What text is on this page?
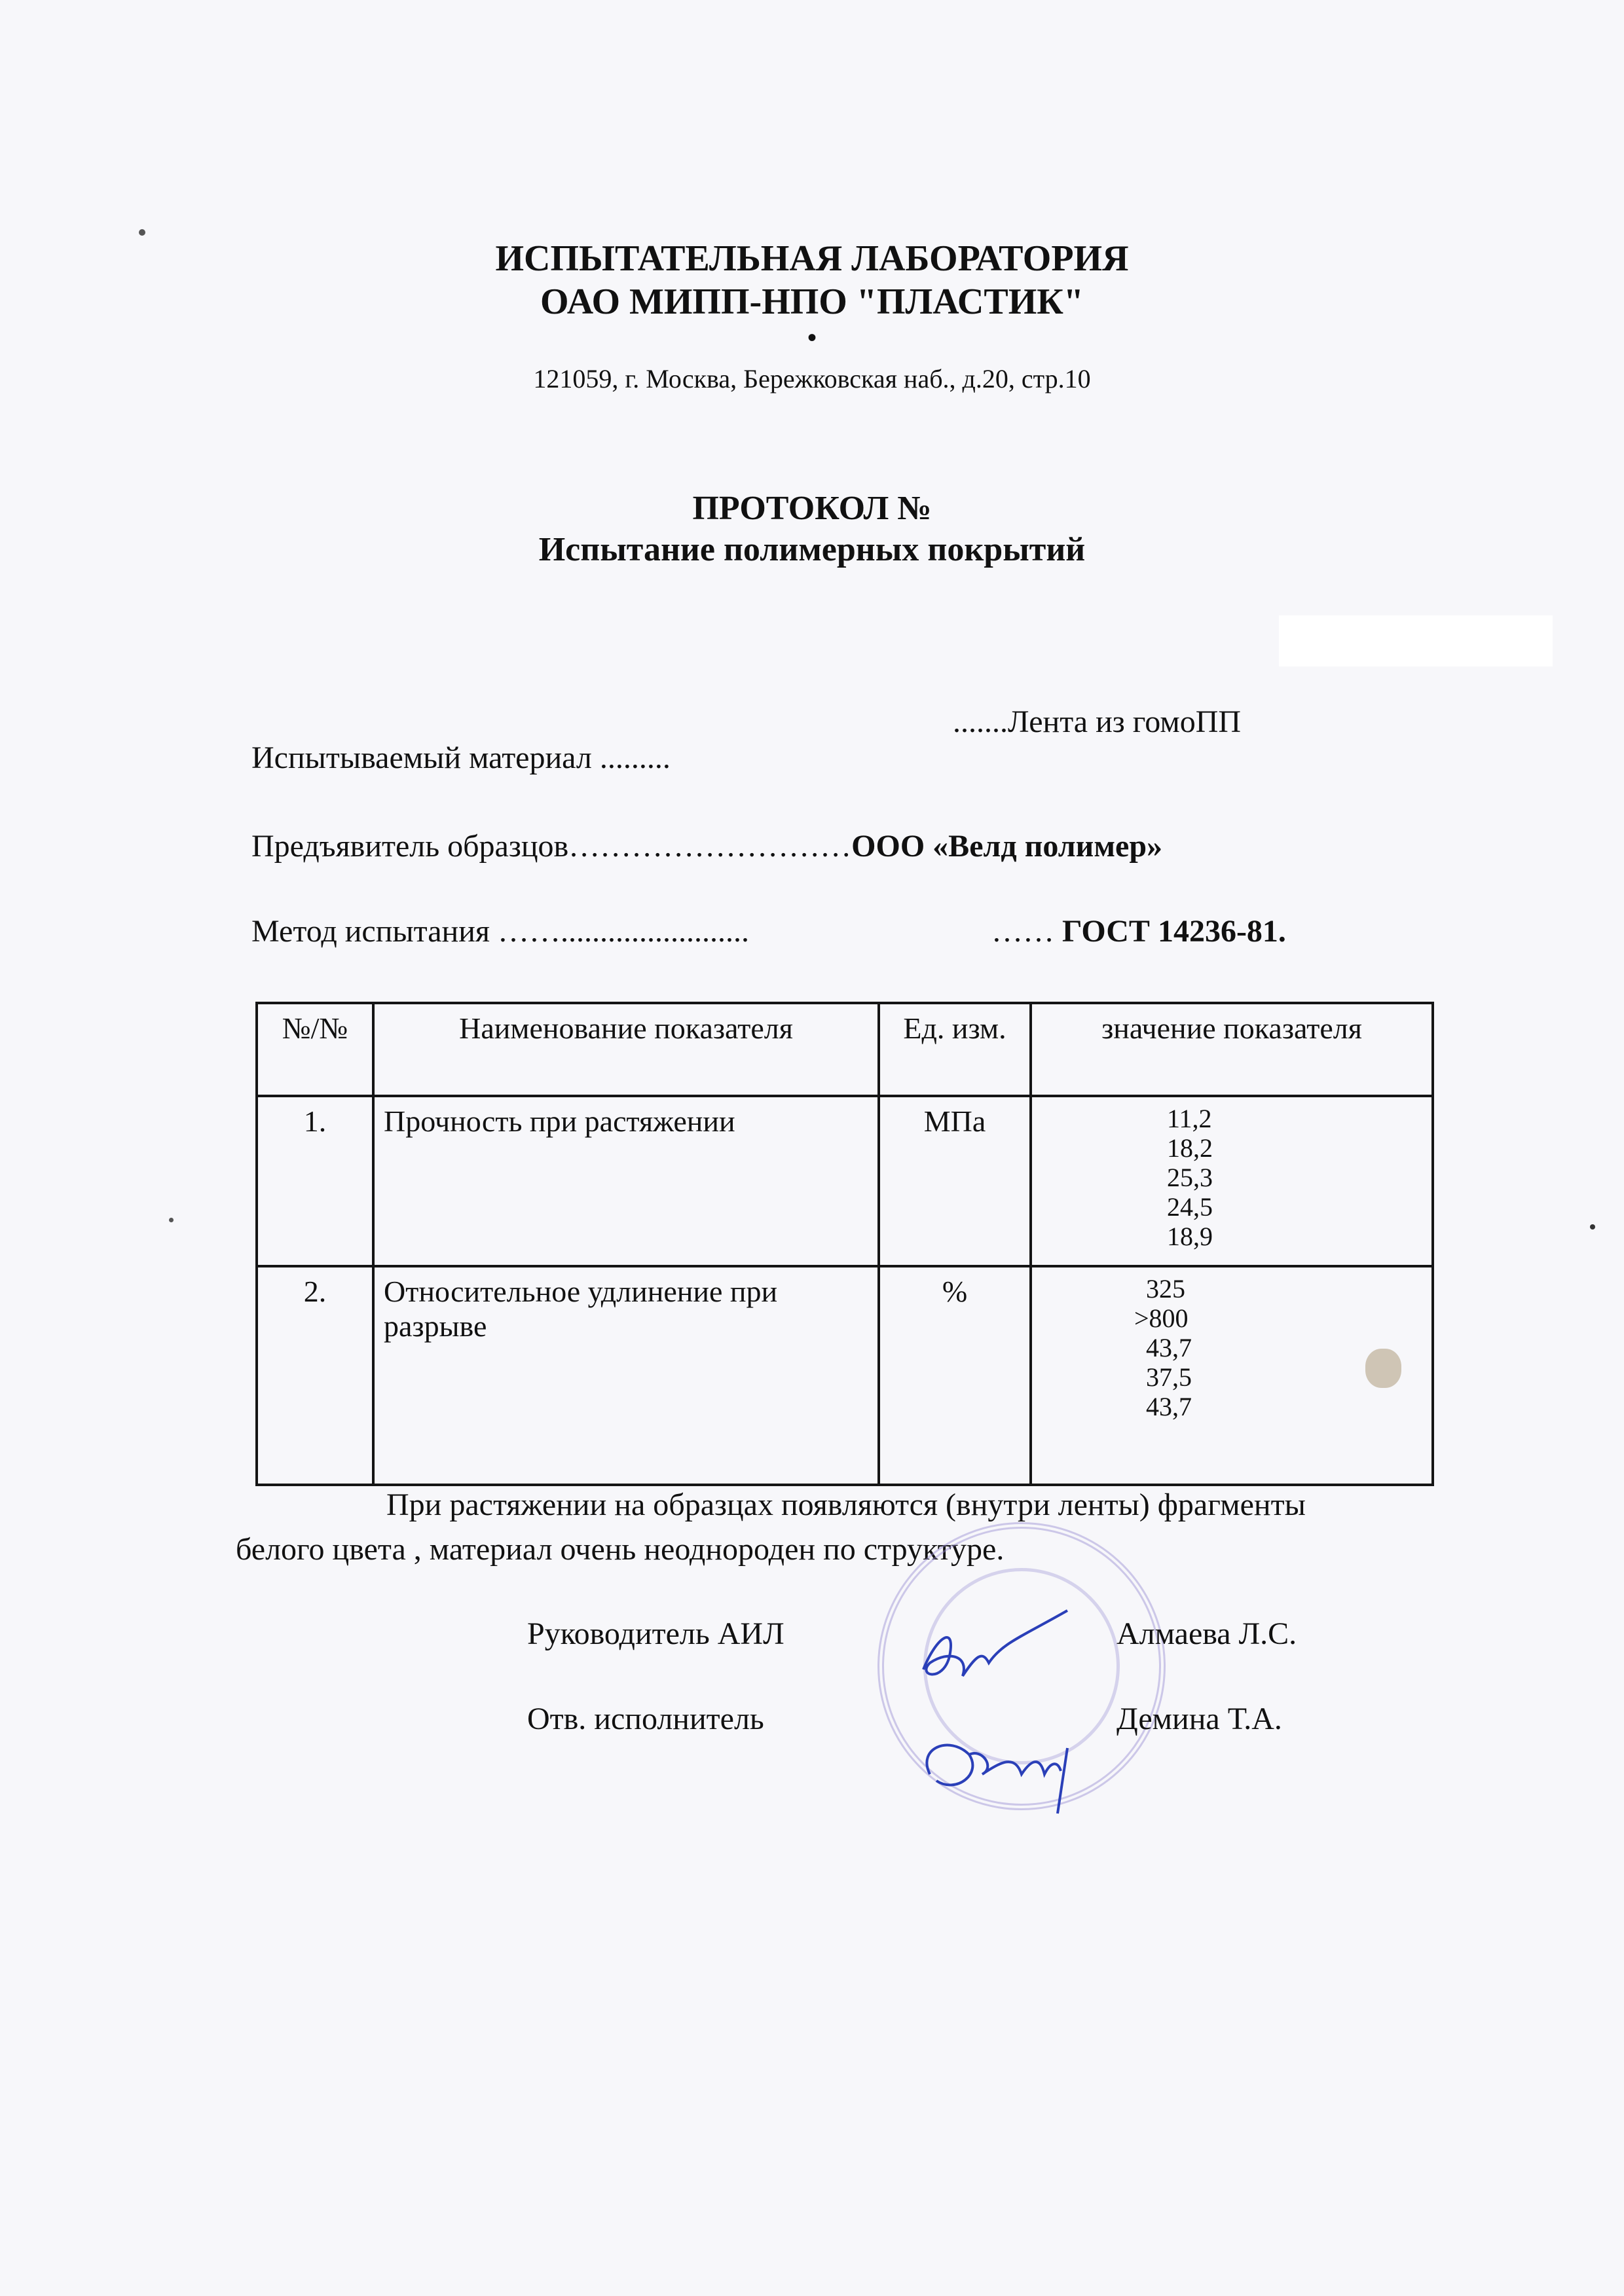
ИСПЫТАТЕЛЬНАЯ ЛАБОРАТОРИЯ
ОАО МИПП-НПО "ПЛАСТИК"
•
121059, г. Москва, Бережковская наб., д.20, стр.10
ПРОТОКОЛ №
Испытание полимерных покрытий

Испытываемый материал .........

.......Лента из гомоПП

Предъявитель образцов………………………ООО «Велд полимер»

Метод испытания ……........................	…… ГОСТ 14236-81.

№/№	Наименование показателя	Ед. изм.	значение показателя
1.	Прочность при растяжении	МПа	11,2
18,2
25,3
24,5
18,9

2.	Относительное удлинение при разрыве	%	325
>800
43,7
37,5
43,7
При растяжении на образцах появляются (внутри ленты) фрагменты
белого цвета , материал очень неоднороден по структуре.
Руководитель АИЛ	Алмаева Л.С.
Отв. исполнитель	Демина Т.А.
